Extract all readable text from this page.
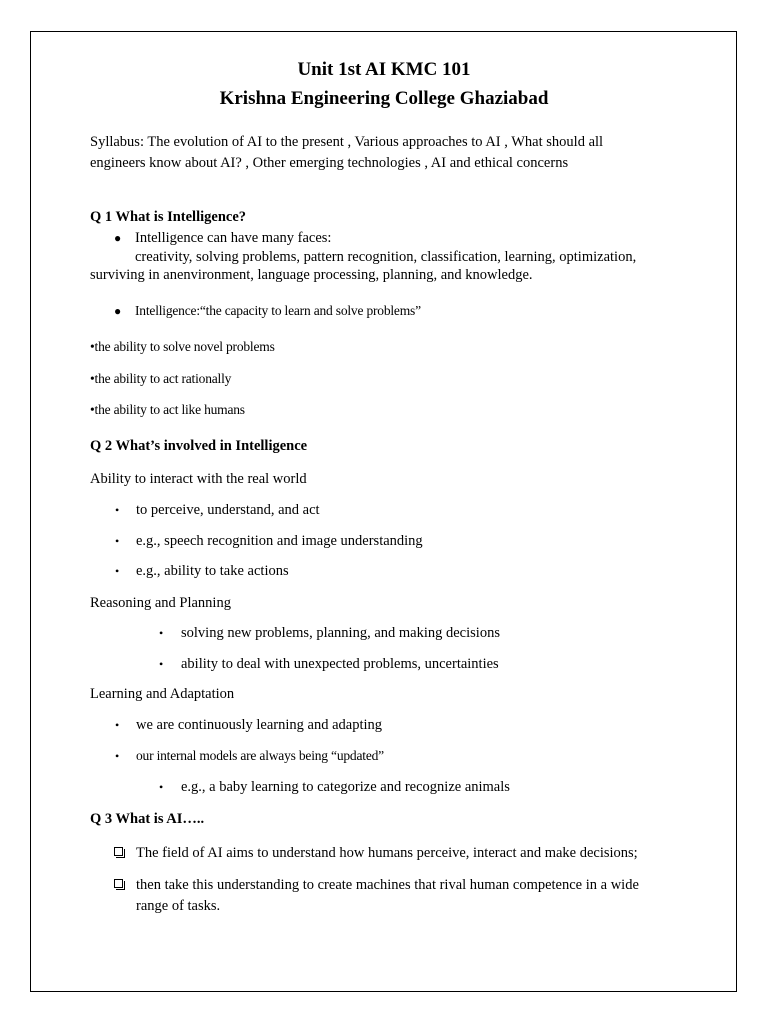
Unit 1st AI KMC 101
Krishna Engineering College Ghaziabad
Syllabus: The evolution of AI to the present , Various approaches to AI , What should all
engineers know about AI? , Other emerging technologies , AI and ethical concerns
Q 1 What is Intelligence?
● Intelligence can have many faces:
creativity, solving problems, pattern recognition, classification, learning, optimization,
surviving in anenvironment, language processing, planning, and knowledge.
● Intelligence:“the capacity to learn and solve problems”
•the ability to solve novel problems
•the ability to act rationally
•the ability to act like humans
Q 2 What’s involved in Intelligence
Ability to interact with the real world
• to perceive, understand, and act
• e.g., speech recognition and image understanding
• e.g., ability to take actions
Reasoning and Planning
• solving new problems, planning, and making decisions
• ability to deal with unexpected problems, uncertainties
Learning and Adaptation
• we are continuously learning and adapting
• our internal models are always being “updated”
• e.g., a baby learning to categorize and recognize animals
Q 3 What is AI…..
The field of AI aims to understand how humans perceive, interact and make decisions;
then take this understanding to create machines that rival human competence in a wide
range of tasks.
